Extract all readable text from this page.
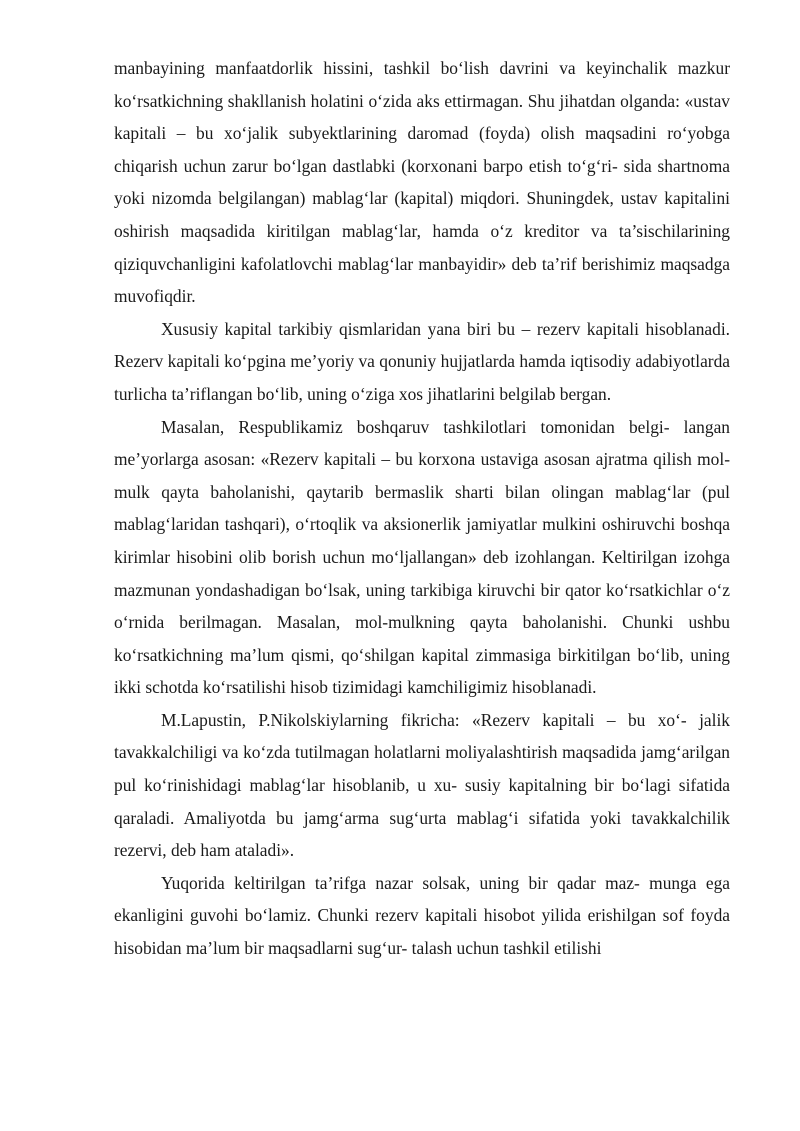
manbayining manfaatdorlik hissini, tashkil bo‘lish davrini va keyinchalik mazkur ko‘rsatkichning shakllanish holatini o‘zida aks ettirmagan. Shu jihatdan olganda: «ustav kapitali – bu xo‘jalik subyektlarining daromad (foyda) olish maqsadini ro‘yobga chiqarish uchun zarur bo‘lgan dastlabki (korxonani barpo etish to‘g‘ri- sida shartnoma yoki nizomda belgilangan) mablag‘lar (kapital) miqdori. Shuningdek, ustav kapitalini oshirish maqsadida kiritilgan mablag‘lar, hamda o‘z kreditor va ta’sischilarining qiziquvchanligini kafolatlovchi mablag‘lar manbayidir» deb ta’rif berishimiz maqsadga muvofiqdir.

Xususiy kapital tarkibiy qismlaridan yana biri bu – rezerv kapitali hisoblanadi. Rezerv kapitali ko‘pgina me’yoriy va qonuniy hujjatlarda hamda iqtisodiy adabiyotlarda turlicha ta’riflangan bo‘lib, uning o‘ziga xos jihatlarini belgilab bergan.

Masalan, Respublikamiz boshqaruv tashkilotlari tomonidan belgi- langan me’yorlarga asosan: «Rezerv kapitali – bu korxona ustaviga asosan ajratma qilish mol-mulk qayta baholanishi, qaytarib bermaslik sharti bilan olingan mablag‘lar (pul mablag‘laridan tashqari), o‘rtoqlik va aksionerlik jamiyatlar mulkini oshiruvchi boshqa kirimlar hisobini olib borish uchun mo‘ljallangan» deb izohlangan. Keltirilgan izohga mazmunan yondashadigan bo‘lsak, uning tarkibiga kiruvchi bir qator ko‘rsatkichlar o‘z o‘rnida berilmagan. Masalan, mol-mulkning qayta baholanishi. Chunki ushbu ko‘rsatkichning ma’lum qismi, qo‘shilgan kapital zimmasiga birkitilgan bo‘lib, uning ikki schotda ko‘rsatilishi hisob tizimidagi kamchiligimiz hisoblanadi.

M.Lapustin, P.Nikolskiylarning fikricha: «Rezerv kapitali – bu xo‘- jalik tavakkalchiligi va ko‘zda tutilmagan holatlarni moliyalashtirish maqsadida jamg‘arilgan pul ko‘rinishidagi mablag‘lar hisoblanib, u xu- susiy kapitalning bir bo‘lagi sifatida qaraladi. Amaliyotda bu jamg‘arma sug‘urta mablag‘i sifatida yoki tavakkalchilik rezervi, deb ham ataladi».

Yuqorida keltirilgan ta’rifga nazar solsak, uning bir qadar maz- munga ega ekanligini guvohi bo‘lamiz. Chunki rezerv kapitali hisobot yilida erishilgan sof foyda hisobidan ma’lum bir maqsadlarni sug‘ur- talash uchun tashkil etilishi
